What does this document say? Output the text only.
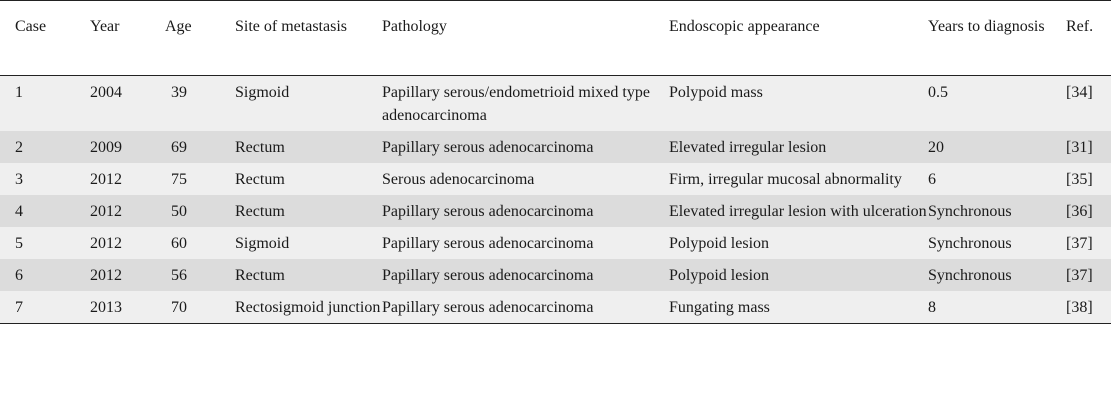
Case	Year	Age	Site of metastasis	Pathology	Endoscopic appearance	Years to diagnosis	Ref.
1	2004	39	Sigmoid	Papillary serous/endometrioid mixed type adenocarcinoma	Polypoid mass	0.5	[34]
2	2009	69	Rectum	Papillary serous adenocarcinoma	Elevated irregular lesion	20	[31]
3	2012	75	Rectum	Serous adenocarcinoma	Firm, irregular mucosal abnormality	6	[35]
4	2012	50	Rectum	Papillary serous adenocarcinoma	Elevated irregular lesion with ulceration	Synchronous	[36]
5	2012	60	Sigmoid	Papillary serous adenocarcinoma	Polypoid lesion	Synchronous	[37]
6	2012	56	Rectum	Papillary serous adenocarcinoma	Polypoid lesion	Synchronous	[37]
7	2013	70	Rectosigmoid junction	Papillary serous adenocarcinoma	Fungating mass	8	[38]
